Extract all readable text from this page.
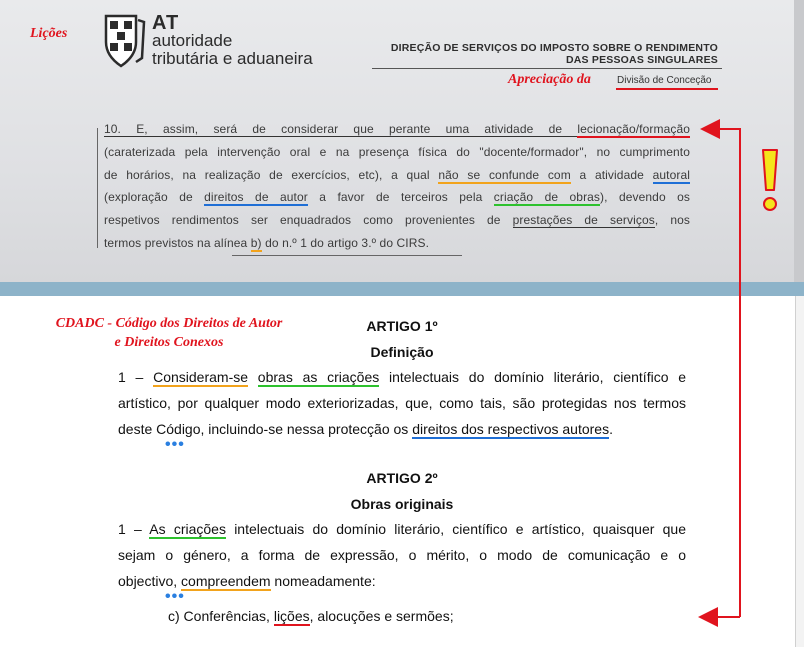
Lições	AT
autoridade
tributária e aduaneira
DIREÇÃO DE SERVIÇOS DO IMPOSTO SOBRE O RENDIMENTO
DAS PESSOAS SINGULARES
Apreciação da	Divisão de Conceção
10. E, assim, será de considerar que perante uma atividade de lecionação/formação
(caraterizada pela intervenção oral e na presença física do "docente/formador", no cumprimento
de horários, na realização de exercícios, etc), a qual não se confunde com a atividade autoral
(exploração de direitos de autor a favor de terceiros pela criação de obras), devendo os
respetivos rendimentos ser enquadrados como provenientes de prestações de serviços, nos
termos previstos na alínea b) do n.º 1 do artigo 3.º do CIRS.
CDADC - Código dos Direitos de Autor
e Direitos Conexos
ARTIGO 1º
Definição
1 – Consideram-se obras as criações intelectuais do domínio literário, científico e
artístico, por qualquer modo exteriorizadas, que, como tais, são protegidas nos termos
deste Código, incluindo-se nessa protecção os direitos dos respectivos autores.
•••
ARTIGO 2º
Obras originais
1 – As criações intelectuais do domínio literário, científico e artístico, quaisquer que
sejam o género, a forma de expressão, o mérito, o modo de comunicação e o
objectivo, compreendem nomeadamente:
•••
c) Conferências, lições, alocuções e sermões;
